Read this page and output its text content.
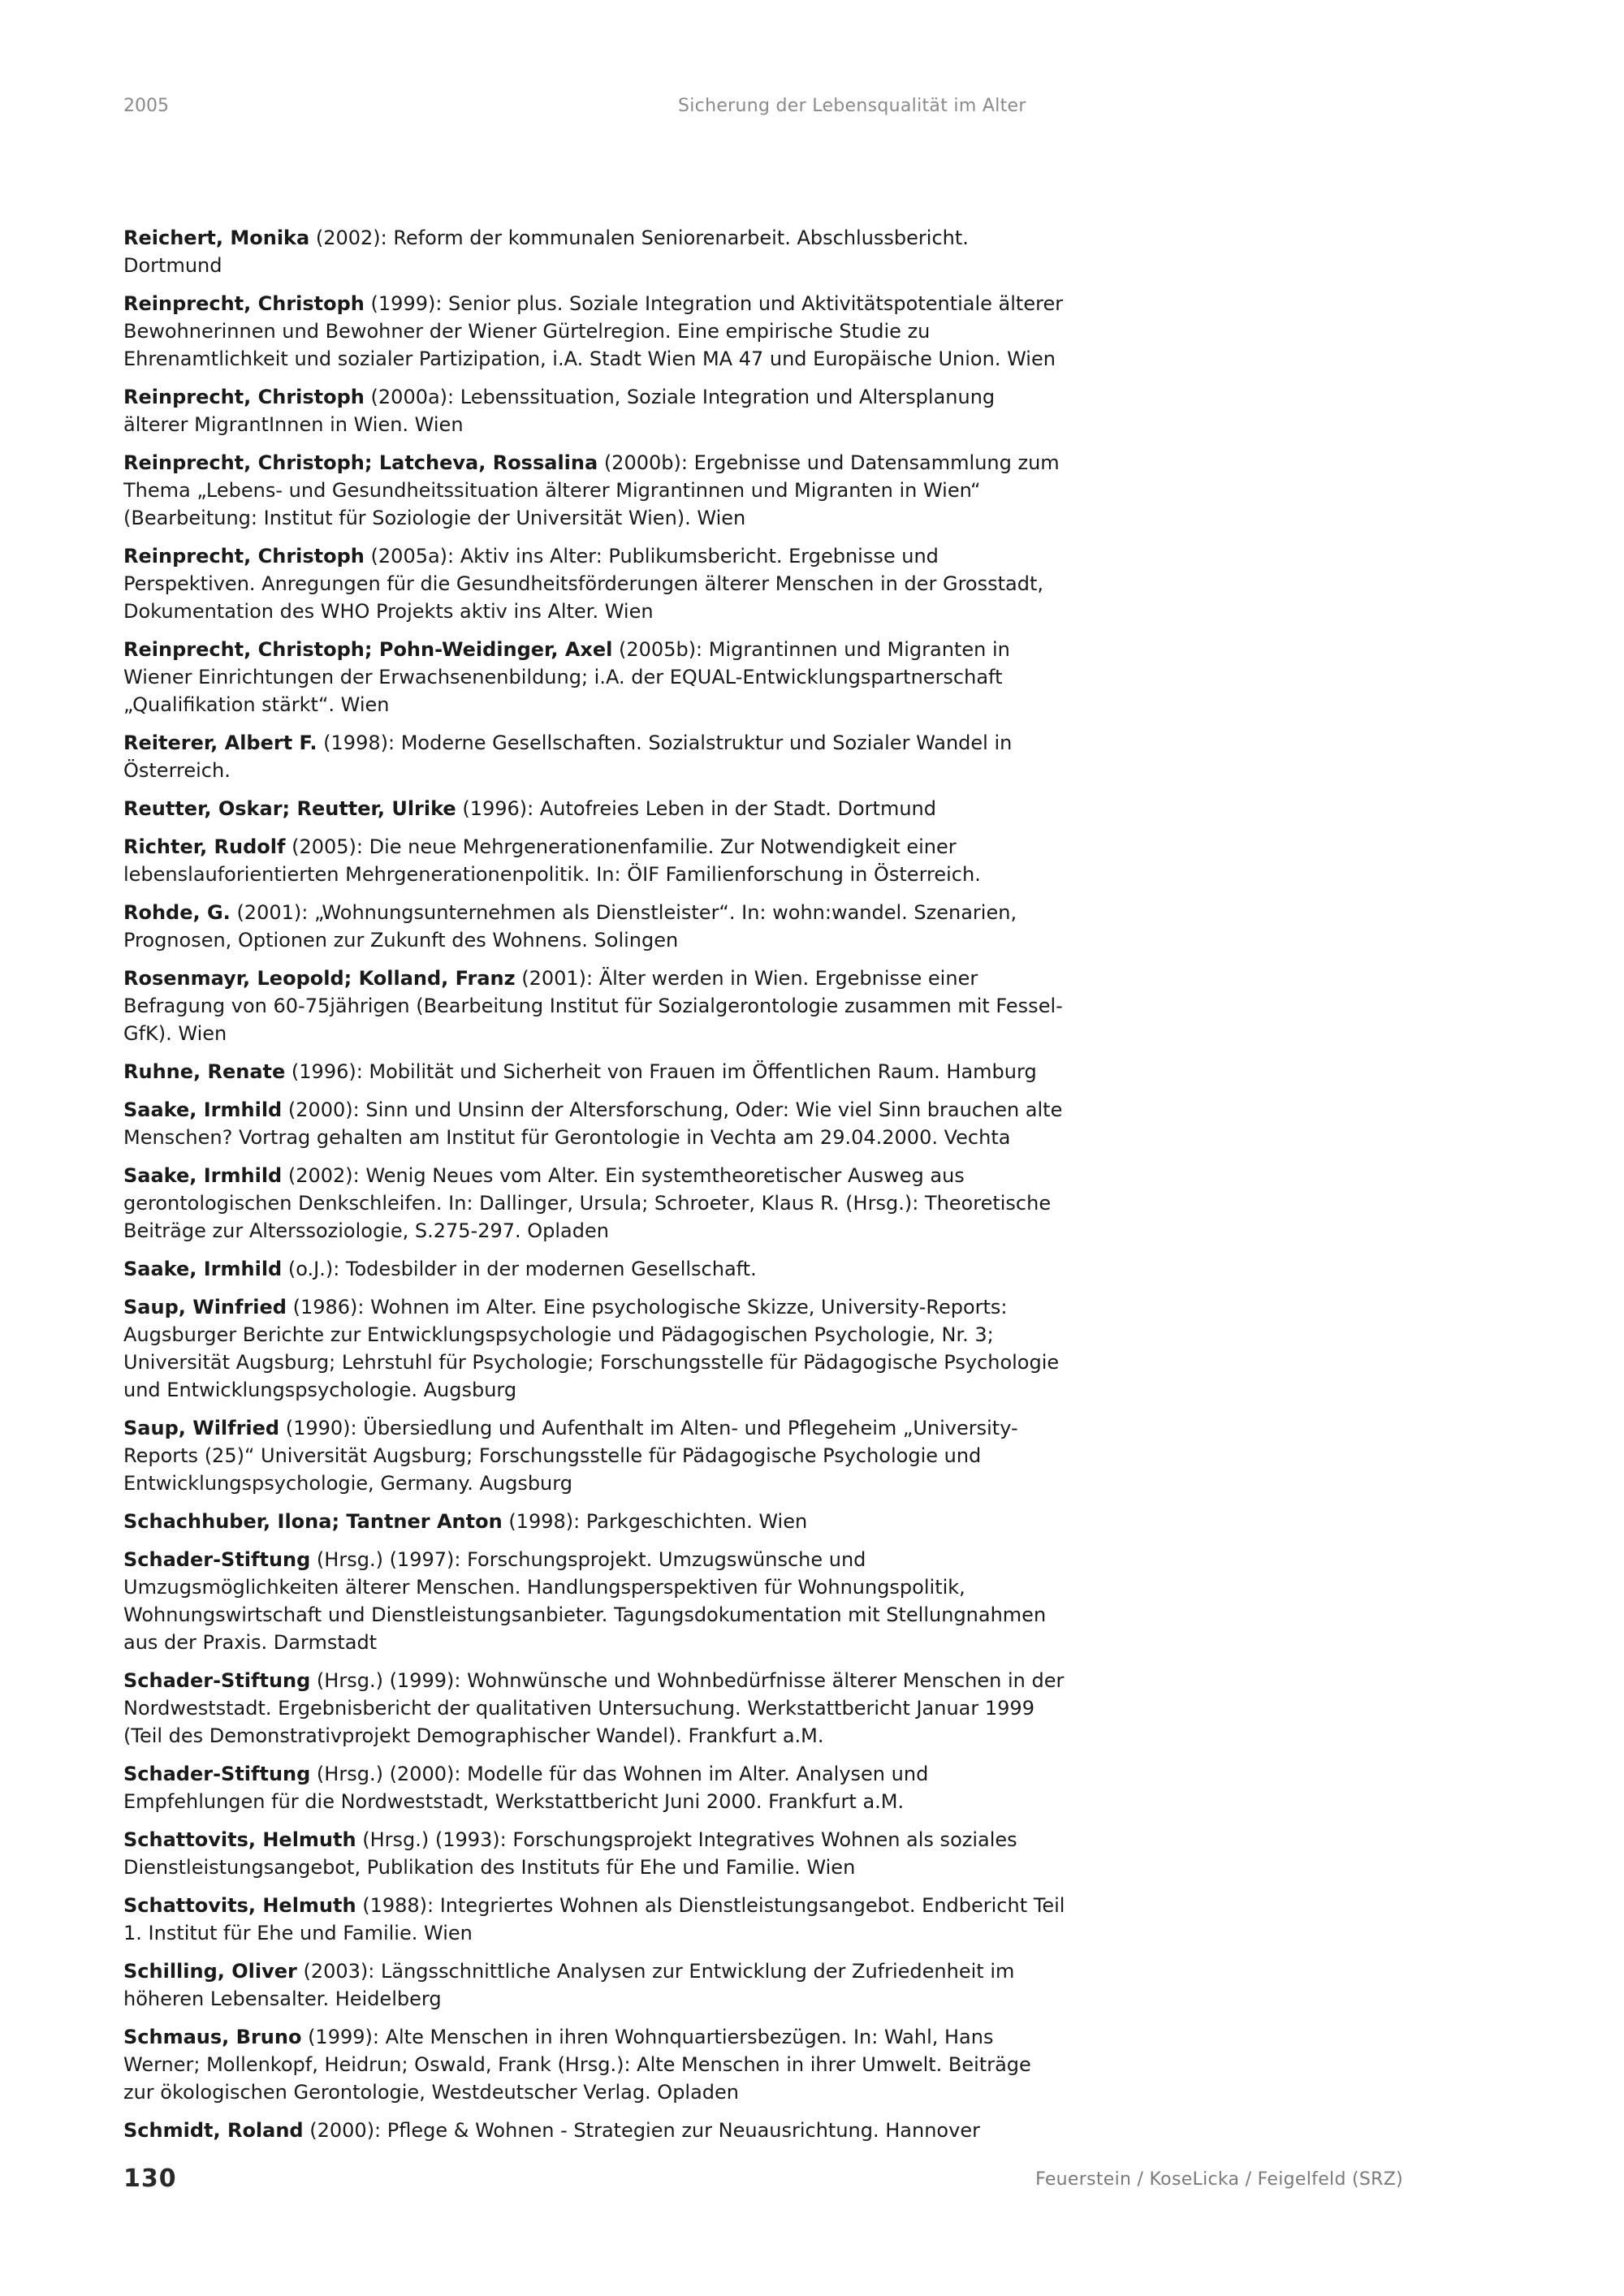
2005	Sicherung der Lebensqualität im Alter
Reichert, Monika (2002): Reform der kommunalen Seniorenarbeit. Abschlussbericht. Dortmund
Reinprecht, Christoph (1999): Senior plus. Soziale Integration und Aktivitätspotentiale älterer Bewohnerinnen und Bewohner der Wiener Gürtelregion. Eine empirische Studie zu Ehrenamtlichkeit und sozialer Partizipation, i.A. Stadt Wien MA 47 und Europäische Union. Wien
Reinprecht, Christoph (2000a): Lebenssituation, Soziale Integration und Altersplanung älterer MigrantInnen in Wien. Wien
Reinprecht, Christoph; Latcheva, Rossalina (2000b): Ergebnisse und Datensammlung zum Thema „Lebens- und Gesundheitssituation älterer Migrantinnen und Migranten in Wien“ (Bearbeitung: Institut für Soziologie der Universität Wien). Wien
Reinprecht, Christoph (2005a): Aktiv ins Alter: Publikumsbericht. Ergebnisse und Perspektiven. Anregungen für die Gesundheitsförderungen älterer Menschen in der Grosstadt, Dokumentation des WHO Projekts aktiv ins Alter. Wien
Reinprecht, Christoph; Pohn-Weidinger, Axel (2005b): Migrantinnen und Migranten in Wiener Einrichtungen der Erwachsenenbildung; i.A. der EQUAL-Entwicklungspartnerschaft „Qualifikation stärkt“. Wien
Reiterer, Albert F. (1998): Moderne Gesellschaften. Sozialstruktur und Sozialer Wandel in Österreich.
Reutter, Oskar; Reutter, Ulrike (1996): Autofreies Leben in der Stadt. Dortmund
Richter, Rudolf (2005): Die neue Mehrgenerationenfamilie. Zur Notwendigkeit einer lebenslauforientierten Mehrgenerationenpolitik. In: ÖIF Familienforschung in Österreich.
Rohde, G. (2001): „Wohnungsunternehmen als Dienstleister“. In: wohn:wandel. Szenarien, Prognosen, Optionen zur Zukunft des Wohnens. Solingen
Rosenmayr, Leopold; Kolland, Franz (2001): Älter werden in Wien. Ergebnisse einer Befragung von 60-75jährigen (Bearbeitung Institut für Sozialgerontologie zusammen mit Fessel-GfK). Wien
Ruhne, Renate (1996): Mobilität und Sicherheit von Frauen im Öffentlichen Raum. Hamburg
Saake, Irmhild (2000): Sinn und Unsinn der Altersforschung, Oder: Wie viel Sinn brauchen alte Menschen? Vortrag gehalten am Institut für Gerontologie in Vechta am 29.04.2000. Vechta
Saake, Irmhild (2002): Wenig Neues vom Alter. Ein systemtheoretischer Ausweg aus gerontologischen Denkschleifen. In: Dallinger, Ursula; Schroeter, Klaus R. (Hrsg.): Theoretische Beiträge zur Alterssoziologie, S.275-297. Opladen
Saake, Irmhild (o.J.): Todesbilder in der modernen Gesellschaft.
Saup, Winfried (1986): Wohnen im Alter. Eine psychologische Skizze, University-Reports: Augsburger Berichte zur Entwicklungspsychologie und Pädagogischen Psychologie, Nr. 3; Universität Augsburg; Lehrstuhl für Psychologie; Forschungsstelle für Pädagogische Psychologie und Entwicklungspsychologie. Augsburg
Saup, Wilfried (1990): Übersiedlung und Aufenthalt im Alten- und Pflegeheim „University-Reports (25)“ Universität Augsburg; Forschungsstelle für Pädagogische Psychologie und Entwicklungspsychologie, Germany. Augsburg
Schachhuber, Ilona; Tantner Anton (1998): Parkgeschichten. Wien
Schader-Stiftung (Hrsg.) (1997): Forschungsprojekt. Umzugswünsche und Umzugsmöglichkeiten älterer Menschen. Handlungsperspektiven für Wohnungspolitik, Wohnungswirtschaft und Dienstleistungsanbieter. Tagungsdokumentation mit Stellungnahmen aus der Praxis. Darmstadt
Schader-Stiftung (Hrsg.) (1999): Wohnwünsche und Wohnbedürfnisse älterer Menschen in der Nordweststadt. Ergebnisbericht der qualitativen Untersuchung. Werkstattbericht Januar 1999 (Teil des Demonstrativprojekt Demographischer Wandel). Frankfurt a.M.
Schader-Stiftung (Hrsg.) (2000): Modelle für das Wohnen im Alter. Analysen und Empfehlungen für die Nordweststadt, Werkstattbericht Juni 2000. Frankfurt a.M.
Schattovits, Helmuth (Hrsg.) (1993): Forschungsprojekt Integratives Wohnen als soziales Dienstleistungsangebot, Publikation des Instituts für Ehe und Familie. Wien
Schattovits, Helmuth (1988): Integriertes Wohnen als Dienstleistungsangebot. Endbericht Teil 1. Institut für Ehe und Familie. Wien
Schilling, Oliver (2003): Längsschnittliche Analysen zur Entwicklung der Zufriedenheit im höheren Lebensalter. Heidelberg
Schmaus, Bruno (1999): Alte Menschen in ihren Wohnquartiersbezügen. In: Wahl, Hans Werner; Mollenkopf, Heidrun; Oswald, Frank (Hrsg.): Alte Menschen in ihrer Umwelt. Beiträge zur ökologischen Gerontologie, Westdeutscher Verlag. Opladen
Schmidt, Roland (2000): Pflege & Wohnen - Strategien zur Neuausrichtung. Hannover
130	Feuerstein / KoseLicka / Feigelfeld (SRZ)
